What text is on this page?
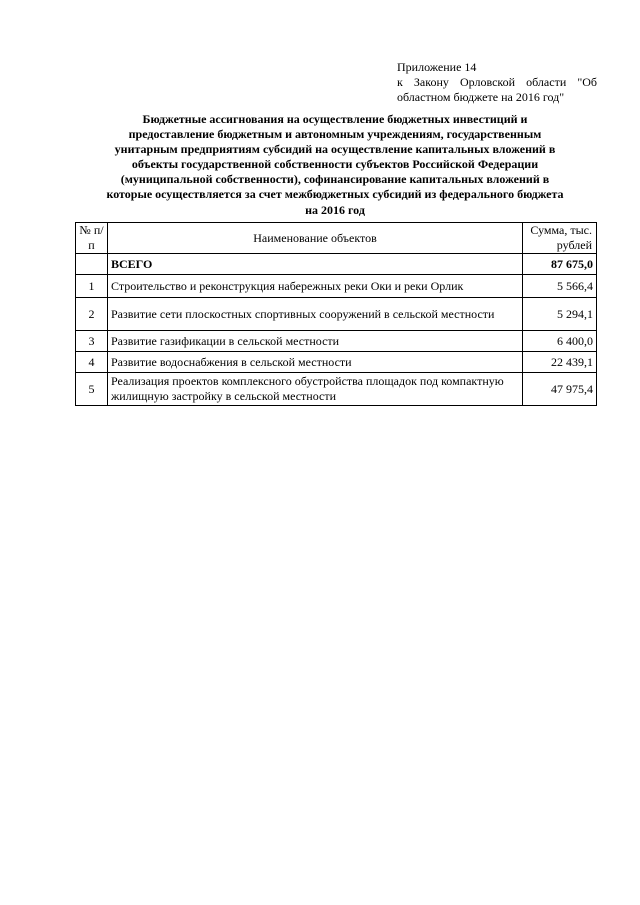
Приложение 14
к Закону Орловской области "Об
областном бюджете на 2016 год"
Бюджетные ассигнования на осуществление бюджетных инвестиций и предоставление бюджетным и автономным учреждениям, государственным унитарным предприятиям субсидий на осуществление капитальных вложений в объекты государственной собственности субъектов Российской Федерации (муниципальной собственности), софинансирование капитальных вложений в которые осуществляется за счет межбюджетных субсидий из федерального бюджета на 2016 год
№ п/п	Наименование объектов	Сумма, тыс. рублей
	ВСЕГО	87 675,0
1	Строительство и реконструкция набережных реки Оки и реки Орлик	5 566,4
2	Развитие сети плоскостных спортивных сооружений в сельской местности	5 294,1
3	Развитие газификации в сельской местности	6 400,0
4	Развитие водоснабжения в сельской местности	22 439,1
5	Реализация проектов комплексного обустройства площадок под компактную жилищную застройку в сельской местности	47 975,4
